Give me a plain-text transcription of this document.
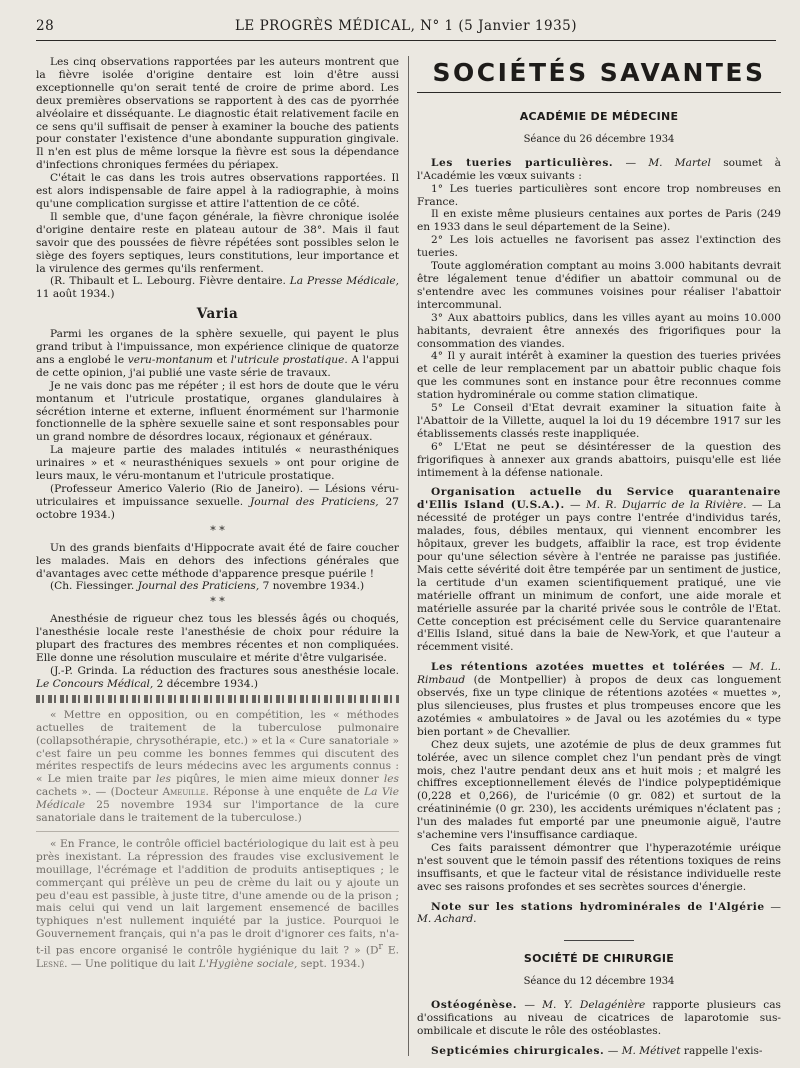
28	LE PROGRÈS MÉDICAL, N° 1 (5 Janvier 1935)

Les cinq observations rapportées par les auteurs montrent que la fièvre isolée d'origine dentaire est loin d'être aussi exceptionnelle qu'on serait tenté de croire de prime abord. Les deux premières observations se rapportent à des cas de pyorrhée alvéolaire et disséquante. Le diagnostic était relativement facile en ce sens qu'il suffisait de penser à examiner la bouche des patients pour constater l'existence d'une abondante suppuration gingivale. Il n'en est plus de même lorsque la fièvre est sous la dépendance d'infections chroniques fermées du périapex.

C'était le cas dans les trois autres observations rapportées. Il est alors indispensable de faire appel à la radiographie, à moins qu'une complication surgisse et attire l'attention de ce côté.

Il semble que, d'une façon générale, la fièvre chronique isolée d'origine dentaire reste en plateau autour de 38°. Mais il faut savoir que des poussées de fièvre répétées sont possibles selon le siège des foyers septiques, leurs constitutions, leur importance et la virulence des germes qu'ils renferment.

(R. Thibault et L. Lebourg. Fièvre dentaire. La Presse Médicale, 11 août 1934.)

Varia

Parmi les organes de la sphère sexuelle, qui payent le plus grand tribut à l'impuissance, mon expérience clinique de quatorze ans a englobé le veru-montanum et l'utricule prostatique. A l'appui de cette opinion, j'ai publié une vaste série de travaux.

Je ne vais donc pas me répéter ; il est hors de doute que le véru montanum et l'utricule prostatique, organes glandulaires à sécrétion interne et externe, influent énormément sur l'harmonie fonctionnelle de la sphère sexuelle saine et sont responsables pour un grand nombre de désordres locaux, régionaux et généraux.

La majeure partie des malades intitulés « neurasthéniques urinaires » et « neurasthéniques sexuels » ont pour origine de leurs maux, le véru-montanum et l'utricule prostatique.

(Professeur Americo Valerio (Rio de Janeiro). — Lésions véru-utriculaires et impuissance sexuelle. Journal des Praticiens, 27 octobre 1934.)

* *

Un des grands bienfaits d'Hippocrate avait été de faire coucher les malades. Mais en dehors des infections générales que d'avantages avec cette méthode d'apparence presque puérile !

(Ch. Fiessinger. Journal des Praticiens, 7 novembre 1934.)

* *

Anesthésie de rigueur chez tous les blessés âgés ou choqués, l'anesthésie locale reste l'anesthésie de choix pour réduire la plupart des fractures des membres récentes et non compliquées. Elle donne une résolution musculaire et mérite d'être vulgarisée.

(J.-P. Grinda. La réduction des fractures sous anesthésie locale. Le Concours Médical, 2 décembre 1934.)

« Mettre en opposition, ou en compétition, les « méthodes actuelles de traitement de la tuberculose pulmonaire (collapsothérapie, chrysothérapie, etc.) » et la « Cure sanatoriale » c'est faire un peu comme les bonnes femmes qui discutent des mérites respectifs de leurs médecins avec les arguments connus : « Le mien traite par les piqûres, le mien aime mieux donner les cachets ». — (Docteur Ameuille. Réponse à une enquête de La Vie Médicale 25 novembre 1934 sur l'importance de la cure sanatoriale dans le traitement de la tuberculose.)

« En France, le contrôle officiel bactériologique du lait est à peu près inexistant. La répression des fraudes vise exclusivement le mouillage, l'écrémage et l'addition de produits antiseptiques ; le commerçant qui prélève un peu de crème du lait ou y ajoute un peu d'eau est passible, à juste titre, d'une amende ou de la prison ; mais celui qui vend un lait largement ensemencé de bacilles typhiques n'est nullement inquiété par la justice. Pourquoi le Gouvernement français, qui n'a pas le droit d'ignorer ces faits, n'a-t-il pas encore organisé le contrôle hygiénique du lait ? » ($D^r$ E. Lesné. — Une politique du lait L'Hygiène sociale, sept. 1934.)

SOCIÉTÉS SAVANTES
ACADÉMIE DE MÉDECINE
Séance du 26 décembre 1934

Les tueries particulières. — M. Martel soumet à l'Académie les vœux suivants :

1° Les tueries particulières sont encore trop nombreuses en France.

Il en existe même plusieurs centaines aux portes de Paris (249 en 1933 dans le seul département de la Seine).

2° Les lois actuelles ne favorisent pas assez l'extinction des tueries.

Toute agglomération comptant au moins 3.000 habitants devrait être légalement tenue d'édifier un abattoir communal ou de s'entendre avec les communes voisines pour réaliser l'abattoir intercommunal.

3° Aux abattoirs publics, dans les villes ayant au moins 10.000 habitants, devraient être annexés des frigorifiques pour la consommation des viandes.

4° Il y aurait intérêt à examiner la question des tueries privées et celle de leur remplacement par un abattoir public chaque fois que les communes sont en instance pour être reconnues comme station hydrominérale ou comme station climatique.

5° Le Conseil d'Etat devrait examiner la situation faite à l'Abattoir de la Villette, auquel la loi du 19 décembre 1917 sur les établissements classés reste inappliquée.

6° L'Etat ne peut se désintéresser de la question des frigorifiques à annexer aux grands abattoirs, puisqu'elle est liée intimement à la défense nationale.

Organisation actuelle du Service quarantenaire d'Ellis Island (U.S.A.). — M. R. Dujarric de la Rivière. — La nécessité de protéger un pays contre l'entrée d'individus tarés, malades, fous, débiles mentaux, qui viennent encombrer les hôpitaux, grever les budgets, affaiblir la race, est trop évidente pour qu'une sélection sévère à l'entrée ne paraisse pas justifiée. Mais cette sévérité doit être tempérée par un sentiment de justice, la certitude d'un examen scientifiquement pratiqué, une vie matérielle offrant un minimum de confort, une aide morale et matérielle assurée par la charité privée sous le contrôle de l'Etat. Cette conception est précisément celle du Service quarantenaire d'Ellis Island, situé dans la baie de New-York, et que l'auteur a récemment visité.

Les rétentions azotées muettes et tolérées — M. L. Rimbaud (de Montpellier) à propos de deux cas longuement observés, fixe un type clinique de rétentions azotées « muettes », plus silencieuses, plus frustes et plus trompeuses encore que les azotémies « ambulatoires » de Javal ou les azotémies du « type bien portant » de Chevallier.

Chez deux sujets, une azotémie de plus de deux grammes fut tolérée, avec un silence complet chez l'un pendant près de vingt mois, chez l'autre pendant deux ans et huit mois ; et malgré les chiffres exceptionnellement élevés de l'indice polypeptidémique (0,228 et 0,266), de l'uricémie (0 gr. 082) et surtout de la créatininémie (0 gr. 230), les accidents urémiques n'éclatent pas ; l'un des malades fut emporté par une pneumonie aiguë, l'autre s'achemine vers l'insuffisance cardiaque.

Ces faits paraissent démontrer que l'hyperazotémie uréique n'est souvent que le témoin passif des rétentions toxiques de reins insuffisants, et que le facteur vital de résistance individuelle reste avec ses raisons profondes et ses secrètes sources d'énergie.

Note sur les stations hydrominérales de l'Algérie — M. Achard.

SOCIÉTÉ DE CHIRURGIE
Séance du 12 décembre 1934

Ostéogénèse. — M. Y. Delagénière rapporte plusieurs cas d'ossifications au niveau de cicatrices de laparotomie sus-ombilicale et discute le rôle des ostéoblastes.

Septicémies chirurgicales. — M. Métivet rappelle l'exis-
